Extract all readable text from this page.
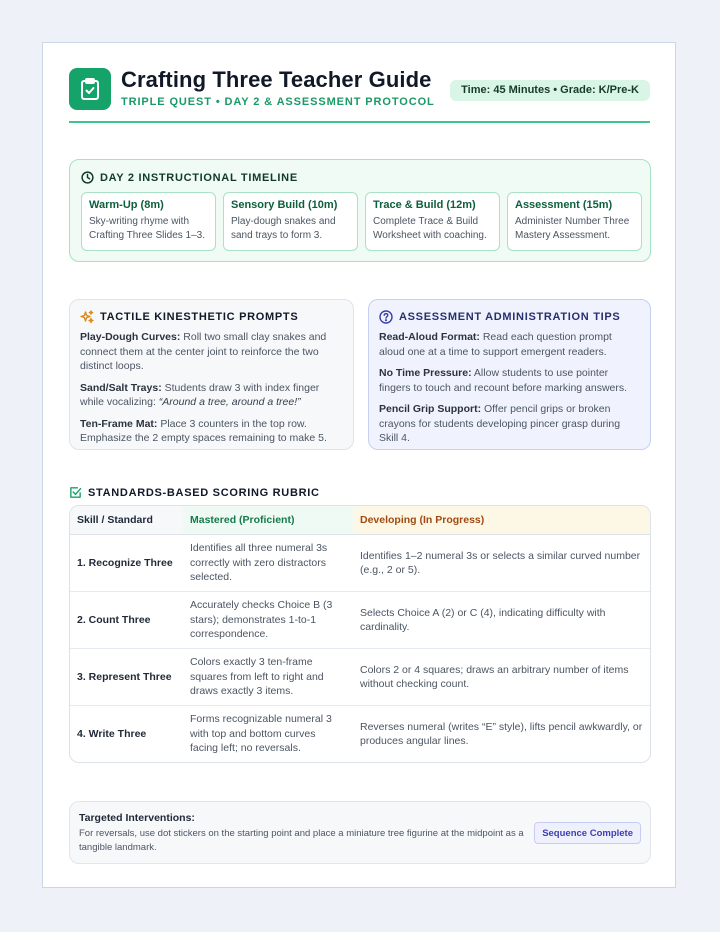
Crafting Three Teacher Guide
TRIPLE QUEST • DAY 2 & ASSESSMENT PROTOCOL
Time: 45 Minutes • Grade: K/Pre-K
DAY 2 INSTRUCTIONAL TIMELINE
Warm-Up (8m)
Sky-writing rhyme with Crafting Three Slides 1–3.
Sensory Build (10m)
Play-dough snakes and sand trays to form 3.
Trace & Build (12m)
Complete Trace & Build Worksheet with coaching.
Assessment (15m)
Administer Number Three Mastery Assessment.
TACTILE KINESTHETIC PROMPTS

Play-Dough Curves: Roll two small clay snakes and connect them at the center joint to reinforce the two distinct loops.

Sand/Salt Trays: Students draw 3 with index finger while vocalizing: “Around a tree, around a tree!”

Ten-Frame Mat: Place 3 counters in the top row. Emphasize the 2 empty spaces remaining to make 5.

ASSESSMENT ADMINISTRATION TIPS

Read-Aloud Format: Read each question prompt aloud one at a time to support emergent readers.

No Time Pressure: Allow students to use pointer fingers to touch and recount before marking answers.

Pencil Grip Support: Offer pencil grips or broken crayons for students developing pincer grasp during Skill 4.

STANDARDS-BASED SCORING RUBRIC
Skill / Standard	Mastered (Proficient)	Developing (In Progress)
1. Recognize Three	Identifies all three numeral 3s correctly with zero distractors selected.	Identifies 1–2 numeral 3s or selects a similar curved number (e.g., 2 or 5).
2. Count Three	Accurately checks Choice B (3 stars); demonstrates 1-to-1 correspondence.	Selects Choice A (2) or C (4), indicating difficulty with cardinality.
3. Represent Three	Colors exactly 3 ten-frame squares from left to right and draws exactly 3 items.	Colors 2 or 4 squares; draws an arbitrary number of items without checking count.
4. Write Three	Forms recognizable numeral 3 with top and bottom curves facing left; no reversals.	Reverses numeral (writes “E” style), lifts pencil awkwardly, or produces angular lines.
Targeted Interventions:
For reversals, use dot stickers on the starting point and place a miniature tree figurine at the midpoint as a tangible landmark.
Sequence Complete
